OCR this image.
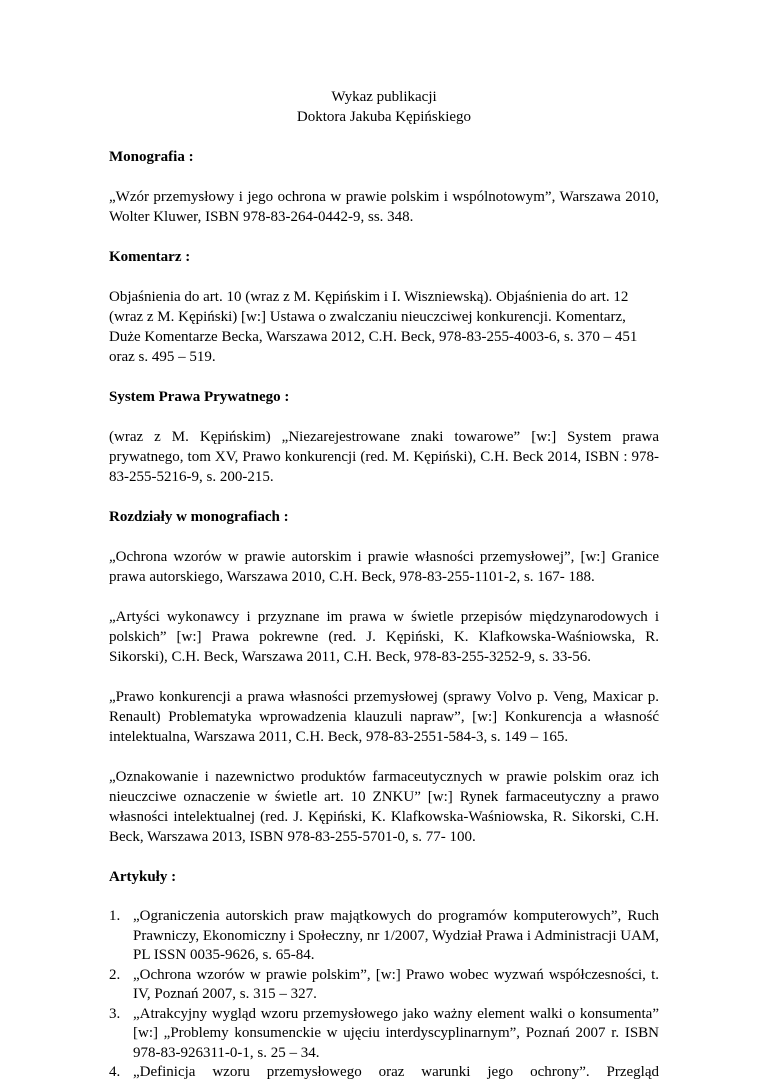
Wykaz publikacji
Doktora Jakuba Kępińskiego
Monografia :
„Wzór przemysłowy i jego ochrona w prawie polskim i wspólnotowym”, Warszawa 2010, Wolter Kluwer, ISBN 978-83-264-0442-9, ss. 348.
Komentarz :
Objaśnienia do art. 10 (wraz z M. Kępińskim i I. Wiszniewską). Objaśnienia do art. 12 (wraz z M. Kępiński) [w:] Ustawa o zwalczaniu nieuczciwej konkurencji. Komentarz, Duże Komentarze Becka, Warszawa 2012, C.H. Beck, 978-83-255-4003-6, s. 370 – 451 oraz s. 495 – 519.
System Prawa Prywatnego :
(wraz z M. Kępińskim) „Niezarejestrowane znaki towarowe” [w:] System prawa prywatnego, tom XV, Prawo konkurencji (red. M. Kępiński), C.H. Beck 2014, ISBN : 978-83-255-5216-9, s. 200-215.
Rozdziały w monografiach :
„Ochrona wzorów w prawie autorskim i prawie własności przemysłowej”, [w:] Granice prawa autorskiego, Warszawa 2010, C.H. Beck, 978-83-255-1101-2, s. 167- 188.
„Artyści wykonawcy i przyznane im prawa w świetle przepisów międzynarodowych i polskich” [w:] Prawa pokrewne (red. J. Kępiński, K. Klafkowska-Waśniowska, R. Sikorski), C.H. Beck, Warszawa 2011, C.H. Beck, 978-83-255-3252-9, s. 33-56.
„Prawo konkurencji a prawa własności przemysłowej (sprawy Volvo p. Veng, Maxicar p. Renault) Problematyka wprowadzenia klauzuli napraw”, [w:] Konkurencja a własność intelektualna, Warszawa 2011, C.H. Beck, 978-83-2551-584-3, s. 149 – 165.
„Oznakowanie i nazewnictwo produktów farmaceutycznych w prawie polskim oraz ich nieuczciwe oznaczenie w świetle art. 10 ZNKU” [w:] Rynek farmaceutyczny a prawo własności intelektualnej (red. J. Kępiński, K. Klafkowska-Waśniowska, R. Sikorski, C.H. Beck, Warszawa 2013, ISBN 978-83-255-5701-0, s. 77- 100.
Artykuły :
1. „Ograniczenia autorskich praw majątkowych do programów komputerowych”, Ruch Prawniczy, Ekonomiczny i Społeczny, nr 1/2007, Wydział Prawa i Administracji UAM, PL ISSN 0035-9626, s. 65-84.
2. „Ochrona wzorów w prawie polskim”, [w:] Prawo wobec wyzwań współczesności, t. IV, Poznań 2007, s. 315 – 327.
3. „Atrakcyjny wygląd wzoru przemysłowego jako ważny element walki o konsumenta” [w:] „Problemy konsumenckie w ujęciu interdyscyplinarnym”, Poznań 2007 r. ISBN 978-83-926311-0-1, s. 25 – 34.
4. „Definicja wzoru przemysłowego oraz warunki jego ochrony”. Przegląd
